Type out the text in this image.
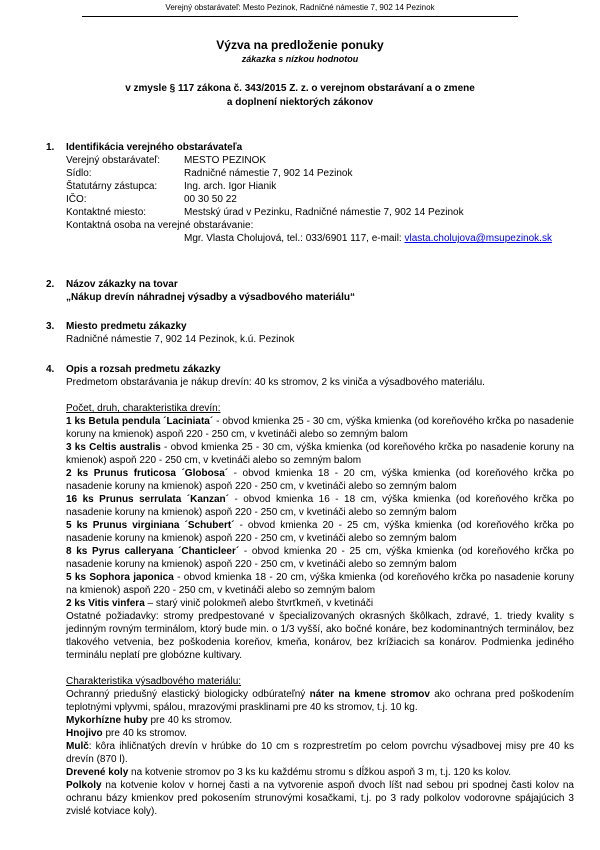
Verejný obstarávateľ: Mesto Pezinok, Radničné námestie 7, 902 14 Pezinok
Výzva na predloženie ponuky
zákazka s nízkou hodnotou
v zmysle § 117 zákona č. 343/2015 Z. z. o verejnom obstarávaní a o zmene
a doplnení niektorých zákonov
1. Identifikácia verejného obstarávateľa
Verejný obstarávateľ: MESTO PEZINOK
Sídlo:	Radničné námestie 7, 902 14 Pezinok
Štatutárny zástupca:	Ing. arch. Igor Hianik
IČO:	00 30 50 22
Kontaktné miesto:	Mestský úrad v Pezinku, Radničné námestie 7, 902 14 Pezinok
Kontaktná osoba na verejné obstarávanie:
Mgr. Vlasta Cholujová, tel.: 033/6901 117, e-mail: vlasta.cholujova@msupezinok.sk
2. Názov zákazky na tovar
„Nákup drevín náhradnej výsadby a výsadbového materiálu“
3. Miesto predmetu zákazky
Radničné námestie 7, 902 14 Pezinok, k.ú. Pezinok
4. Opis a rozsah predmetu zákazky

Predmetom obstarávania je nákup drevín: 40 ks stromov, 2 ks viniča a výsadbového materiálu.

Počet, druh, charakteristika drevín:

1 ks Betula pendula ´Laciniata´ - obvod kmienka 25 - 30 cm, výška kmienka (od koreňového krčka po nasadenie koruny na kmienok) aspoň 220 - 250 cm, v kvetináči alebo so zemným balom

3 ks Celtis australis - obvod kmienka 25 - 30 cm, výška kmienka (od koreňového krčka po nasadenie koruny na kmienok) aspoň 220 - 250 cm, v kvetináči alebo so zemným balom

2 ks Prunus fruticosa ´Globosa´ - obvod kmienka 18 - 20 cm, výška kmienka (od koreňového krčka po nasadenie koruny na kmienok) aspoň 220 - 250 cm, v kvetináči alebo so zemným balom

16 ks Prunus serrulata ´Kanzan´ - obvod kmienka 16 - 18 cm, výška kmienka (od koreňového krčka po nasadenie koruny na kmienok) aspoň 220 - 250 cm, v kvetináči alebo so zemným balom

5 ks Prunus virginiana ´Schubert´ - obvod kmienka 20 - 25 cm, výška kmienka (od koreňového krčka po nasadenie koruny na kmienok) aspoň 220 - 250 cm, v kvetináči alebo so zemným balom

8 ks Pyrus calleryana ´Chanticleer´ - obvod kmienka 20 - 25 cm, výška kmienka (od koreňového krčka po nasadenie koruny na kmienok) aspoň 220 - 250 cm, v kvetináči alebo so zemným balom

5 ks Sophora japonica - obvod kmienka 18 - 20 cm, výška kmienka (od koreňového krčka po nasadenie koruny na kmienok) aspoň 220 - 250 cm, v kvetináči alebo so zemným balom

2 ks Vitis vinfera – starý vinič polokmeň alebo štvrťkmeň, v kvetináči

Ostatné požiadavky: stromy predpestované v špecializovaných okrasných škôlkach, zdravé, 1. triedy kvality s jedinným rovným terminálom, ktorý bude min. o 1/3 vyšší, ako bočné konáre, bez kodominantných terminálov, bez tlakového vetvenia, bez poškodenia koreňov, kmeňa, konárov, bez krížiacich sa konárov. Podmienka jediného terminálu neplatí pre globózne kultivary.

Charakteristika výsadbového materiálu:

Ochranný priedušný elastický biologicky odbúrateľný náter na kmene stromov ako ochrana pred poškodením teplotnými vplyvmi, spálou, mrazovými prasklinami pre 40 ks stromov, t.j. 10 kg.

Mykorhízne huby pre 40 ks stromov.

Hnojivo pre 40 ks stromov.

Mulč: kôra ihličnatých drevín v hrúbke do 10 cm s rozprestretím po celom povrchu výsadbovej misy pre 40 ks drevín (870 l).

Drevené koly na kotvenie stromov po 3 ks ku každému stromu s dĺžkou aspoň 3 m, t.j. 120 ks kolov.

Polkoly na kotvenie kolov v hornej časti a na vytvorenie aspoň dvoch líšt nad sebou pri spodnej časti kolov na ochranu bázy kmienkov pred pokosením strunovými kosačkami, t.j. po 3 rady polkolov vodorovne spájajúcich 3 zvislé kotviace koly).
